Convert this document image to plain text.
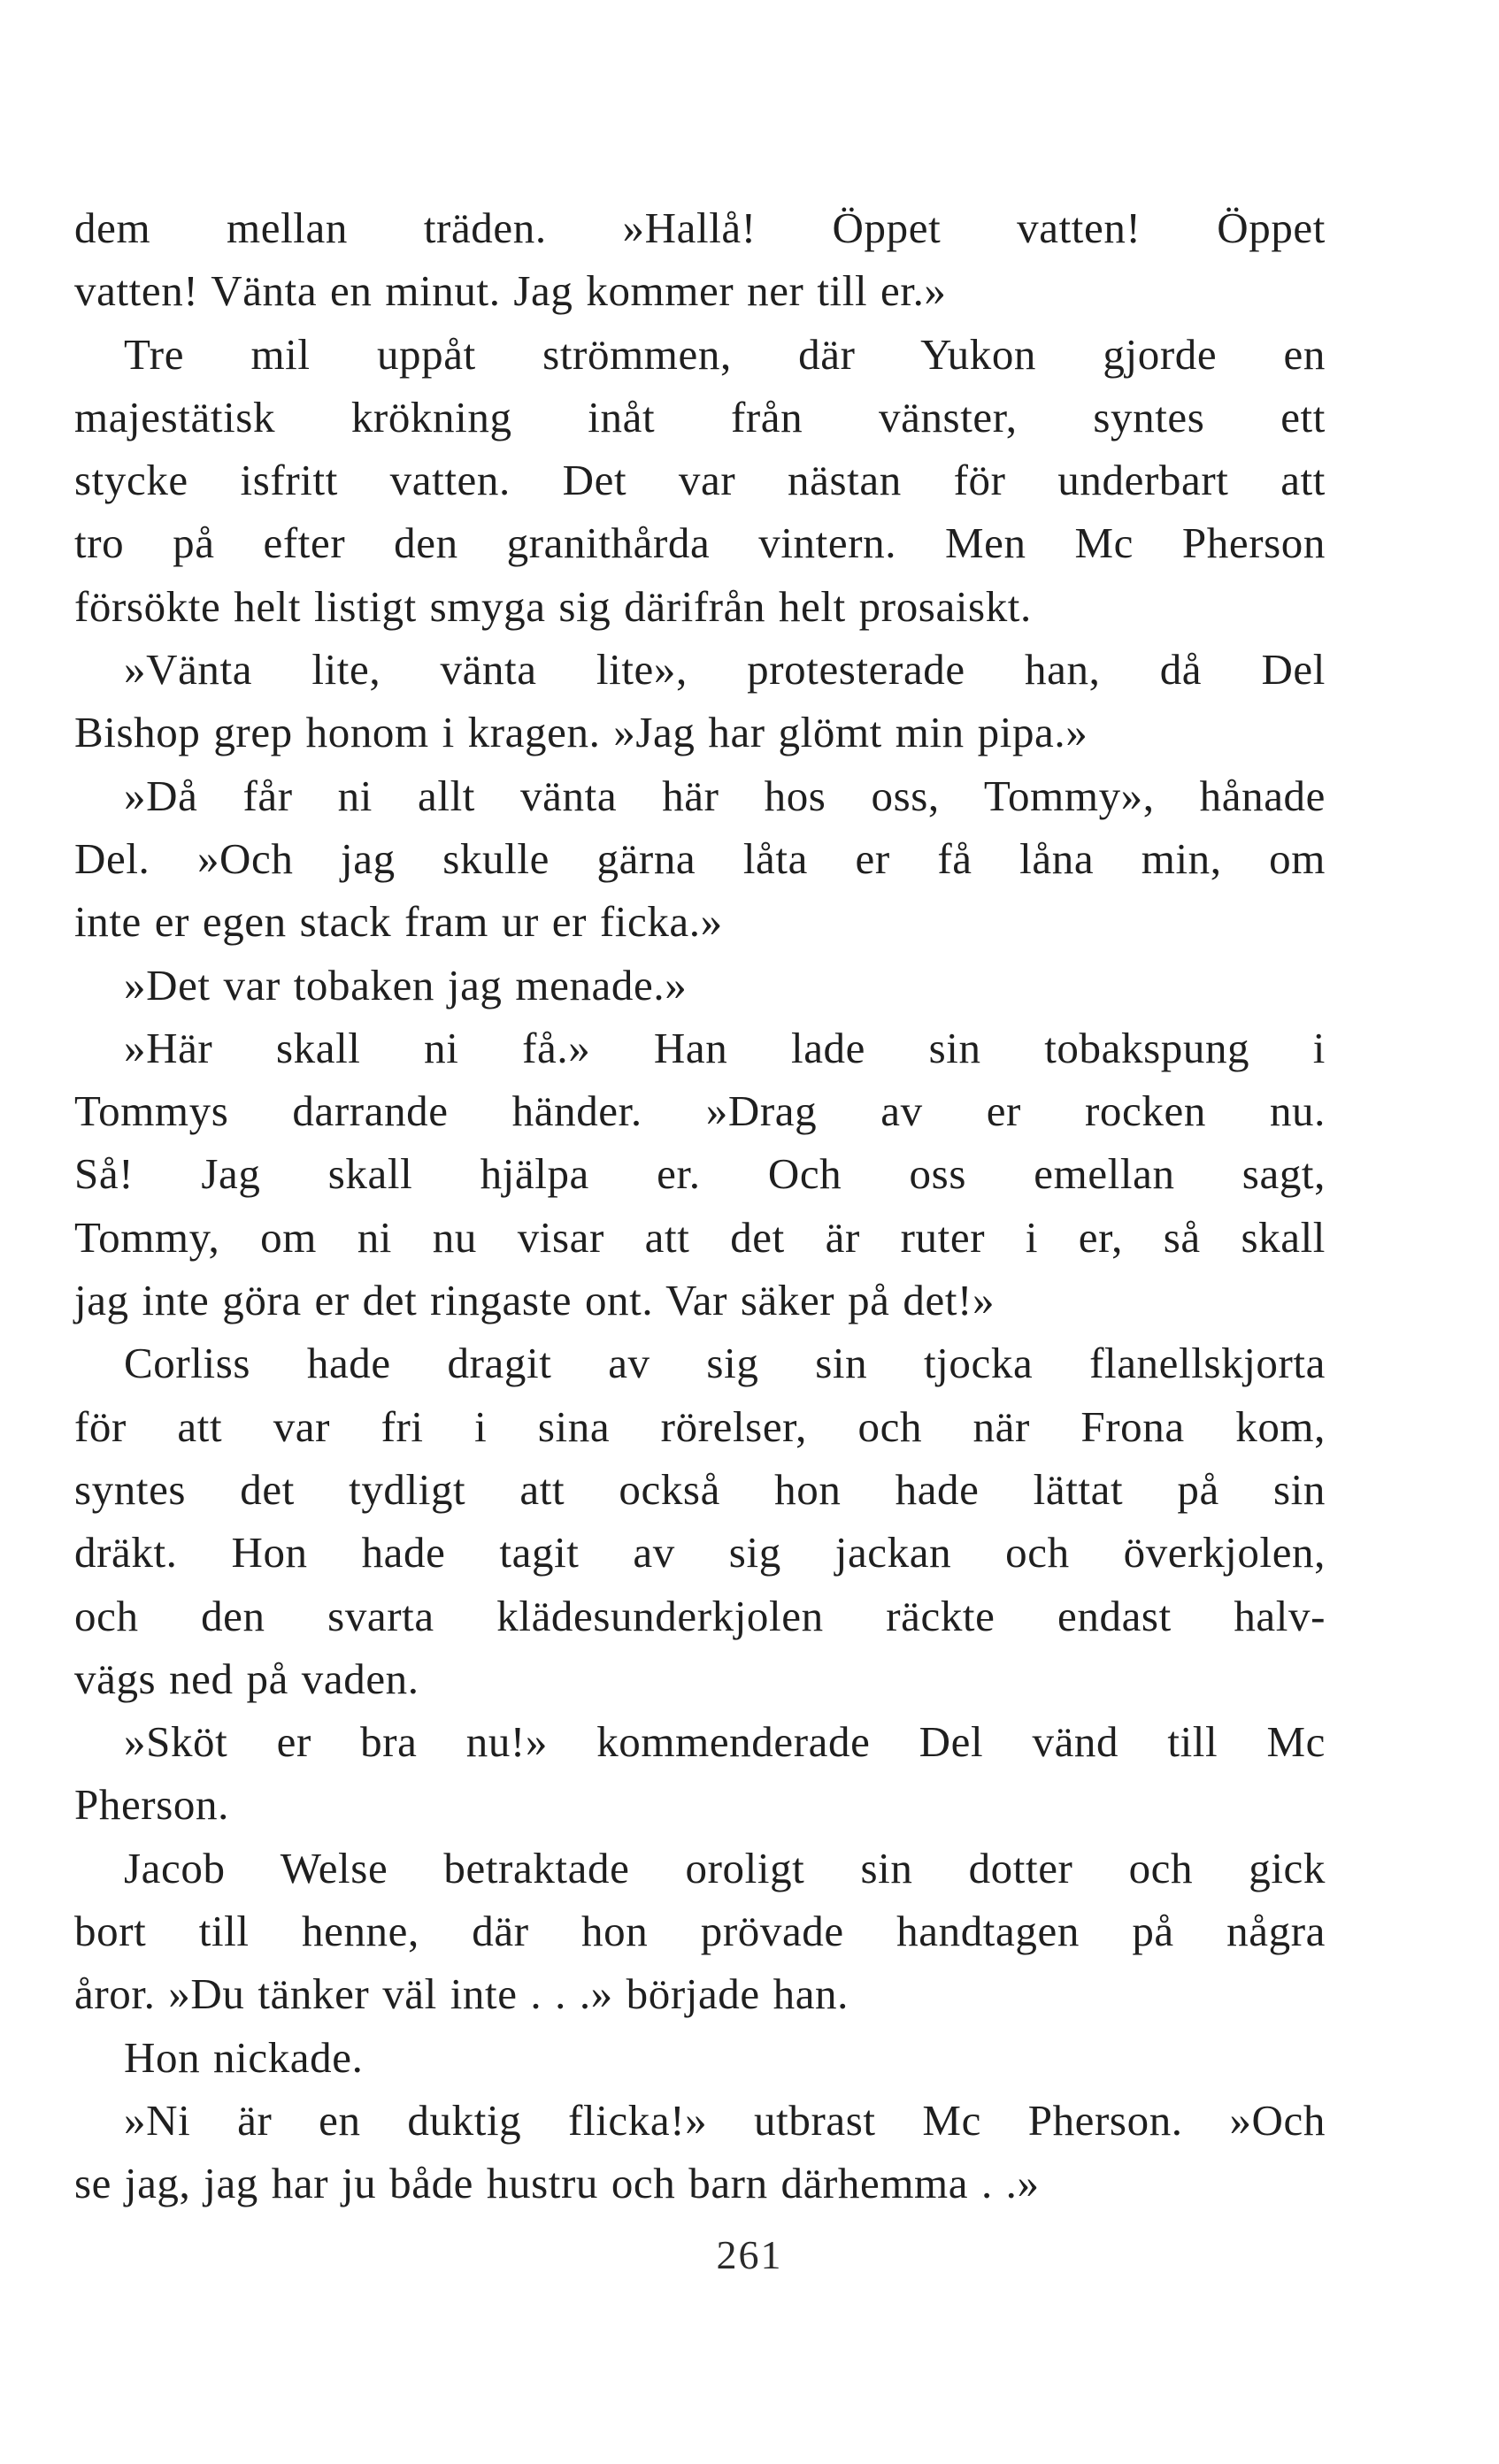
dem mellan träden. »Hallå! Öppet vatten! Öppet
vatten! Vänta en minut. Jag kommer ner till er.»
Tre mil uppåt strömmen, där Yukon gjorde en
majestätisk krökning inåt från vänster, syntes ett
stycke isfritt vatten. Det var nästan för underbart att
tro på efter den granithårda vintern. Men Mc Pherson
försökte helt listigt smyga sig därifrån helt prosaiskt.
»Vänta lite, vänta lite», protesterade han, då Del
Bishop grep honom i kragen. »Jag har glömt min pipa.»
»Då får ni allt vänta här hos oss, Tommy», hånade
Del. »Och jag skulle gärna låta er få låna min, om
inte er egen stack fram ur er ficka.»
»Det var tobaken jag menade.»
»Här skall ni få.» Han lade sin tobakspung i
Tommys darrande händer. »Drag av er rocken nu.
Så! Jag skall hjälpa er. Och oss emellan sagt,
Tommy, om ni nu visar att det är ruter i er, så skall
jag inte göra er det ringaste ont. Var säker på det!»
Corliss hade dragit av sig sin tjocka flanellskjorta
för att var fri i sina rörelser, och när Frona kom,
syntes det tydligt att också hon hade lättat på sin
dräkt. Hon hade tagit av sig jackan och överkjolen,
och den svarta klädesunderkjolen räckte endast halv-
vägs ned på vaden.
»Sköt er bra nu!» kommenderade Del vänd till Mc
Pherson.
Jacob Welse betraktade oroligt sin dotter och gick
bort till henne, där hon prövade handtagen på några
åror. »Du tänker väl inte . . .» började han.
Hon nickade.
»Ni är en duktig flicka!» utbrast Mc Pherson. »Och
se jag, jag har ju både hustru och barn därhemma . .»
261
